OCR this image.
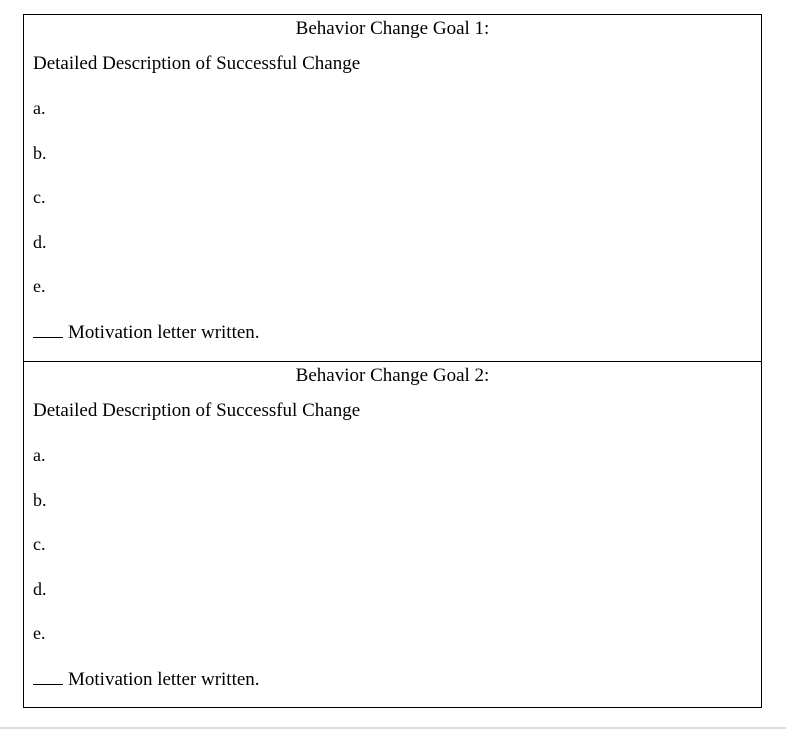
Behavior Change Goal 1:
Detailed Description of Successful Change
a.
b.
c.
d.
e.
Motivation letter written.
Behavior Change Goal 2:
Detailed Description of Successful Change
a.
b.
c.
d.
e.
Motivation letter written.
